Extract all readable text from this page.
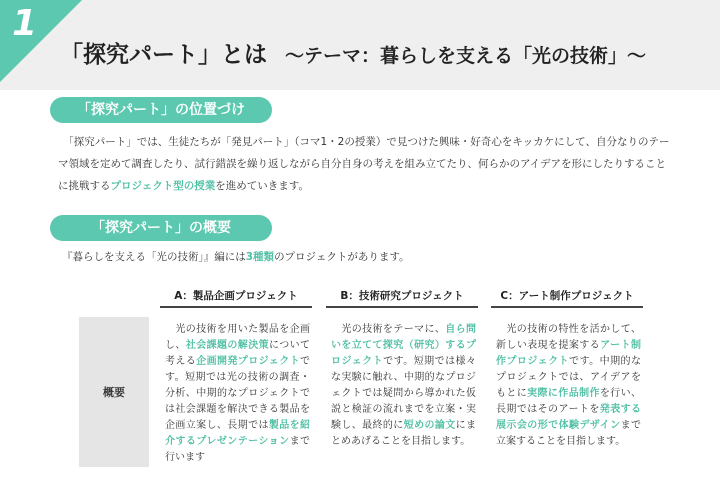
1
「探究パート」とは ～テーマ：暮らしを支える「光の技術」～
「探究パート」の位置づけ
　「探究パート」では、生徒たちが「発見パート」（コマ1・2の授業）で見つけた興味・好奇心をキッカケにして、自分なりのテーマ領域を定めて調査したり、試行錯誤を繰り返しながら自分自身の考えを組み立てたり、何らかのアイデアを形にしたりすることに挑戦するプロジェクト型の授業を進めていきます。
「探究パート」の概要
『暮らしを支える「光の技術」』編には3種類のプロジェクトがあります。
A：製品企画プロジェクト	B：技術研究プロジェクト	C：アート制作プロジェクト
概要
　光の技術を用いた製品を企画し、社会課題の解決策について考える企画開発プロジェクトです。短期では光の技術の調査・分析、中期的なプロジェクトでは社会課題を解決できる製品を企画立案し、長期では製品を紹介するプレゼンテーションまで行います
　光の技術をテーマに、自ら問いを立てて探究（研究）するプロジェクトです。短期では様々な実験に触れ、中期的なプロジェクトでは疑問から導かれた仮説と検証の流れまでを立案・実験し、最終的に短めの論文にまとめあげることを目指します。
　光の技術の特性を活かして、新しい表現を提案するアート制作プロジェクトです。中期的なプロジェクトでは、アイデアをもとに実際に作品制作を行い、長期ではそのアートを発表する展示会の形で体験デザインまで立案することを目指します。
